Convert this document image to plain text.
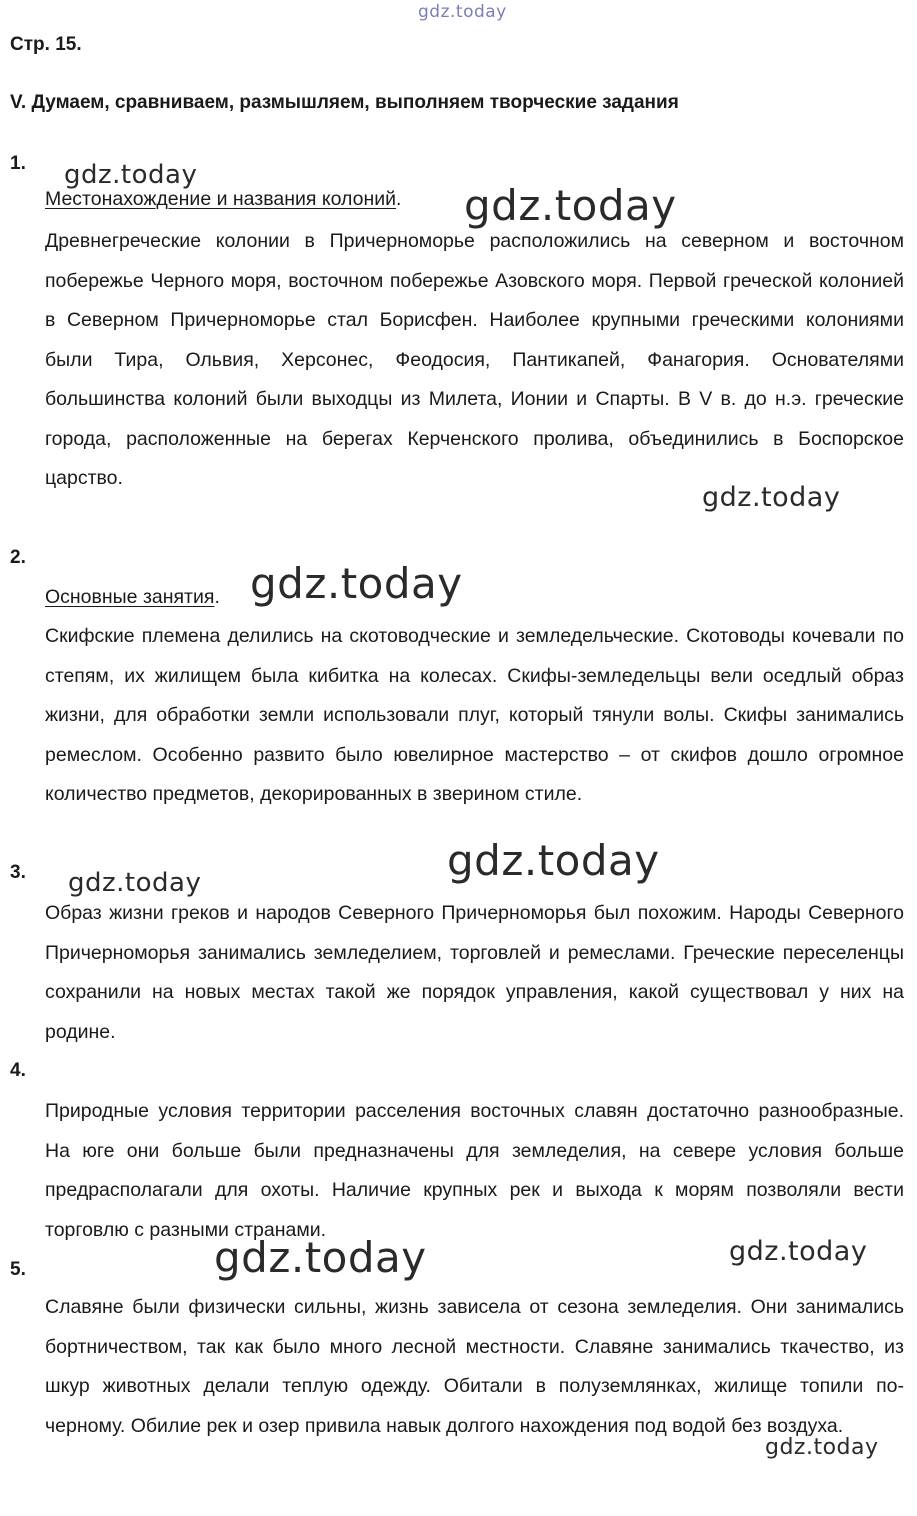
Стр. 15.
V. Думаем, сравниваем, размышляем, выполняем творческие задания
1.
Местонахождение и названия колоний.

Древнегреческие колонии в Причерноморье расположились на северном и восточном побережье Черного моря, восточном побережье Азовского моря. Первой греческой колонией в Северном Причерноморье стал Борисфен. Наиболее крупными греческими колониями были Тира, Ольвия, Херсонес, Феодосия, Пантикапей, Фанагория. Основателями большинства колоний были выходцы из Милета, Ионии и Спарты. В V в. до н.э. греческие города, расположенные на берегах Керченского пролива, объединились в Боспорское царство.

2.
Основные занятия.

Скифские племена делились на скотоводческие и земледельческие. Скотоводы кочевали по степям, их жилищем была кибитка на колесах. Скифы-земледельцы вели оседлый образ жизни, для обработки земли использовали плуг, который тянули волы. Скифы занимались ремеслом. Особенно развито было ювелирное мастерство – от скифов дошло огромное количество предметов, декорированных в зверином стиле.

3.

Образ жизни греков и народов Северного Причерноморья был похожим. Народы Северного Причерноморья занимались земледелием, торговлей и ремеслами. Греческие переселенцы сохранили на новых местах такой же порядок управления, какой существовал у них на родине.

4.

Природные условия территории расселения восточных славян достаточно разнообразные. На юге они больше были предназначены для земледелия, на севере условия больше предрасполагали для охоты. Наличие крупных рек и выхода к морям позволяли вести торговлю с разными странами.

5.

Славяне были физически сильны, жизнь зависела от сезона земледелия. Они занимались бортничеством, так как было много лесной местности. Славяне занимались ткачество, из шкур животных делали теплую одежду. Обитали в полуземлянках, жилище топили по-черному. Обилие рек и озер привила навык долгого нахождения под водой без воздуха.

gdz.today
gdz.today
gdz.today
gdz.today
gdz.today
gdz.today
gdz.today
gdz.today	gdz.today
gdz.today
